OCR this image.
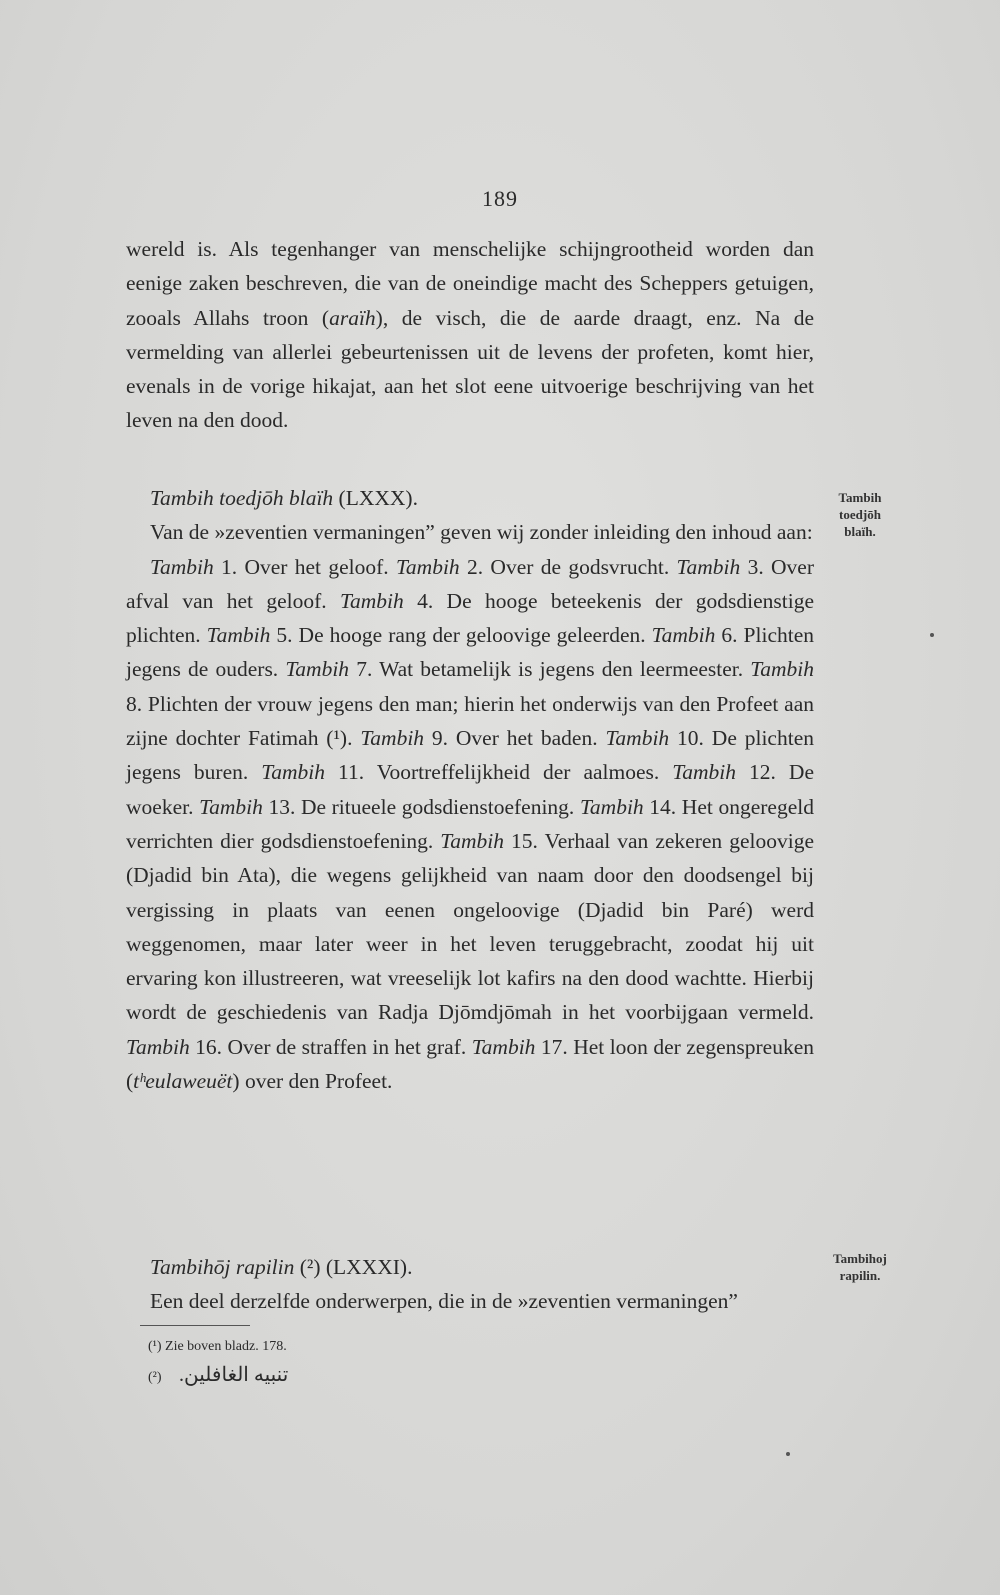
189

wereld is. Als tegenhanger van menschelijke schijngrootheid worden dan eenige zaken beschreven, die van de oneindige macht des Scheppers getuigen, zooals Allahs troon (araïh), de visch, die de aarde draagt, enz. Na de vermelding van allerlei gebeurtenissen uit de levens der profeten, komt hier, evenals in de vorige hikajat, aan het slot eene uitvoerige beschrijving van het leven na den dood.

Tambih toedjōh blaïh (LXXX).

Van de »zeventien vermaningen” geven wij zonder inleiding den inhoud aan:

Tambih 1. Over het geloof. Tambih 2. Over de godsvrucht. Tambih 3. Over afval van het geloof. Tambih 4. De hooge beteekenis der godsdienstige plichten. Tambih 5. De hooge rang der geloovige geleerden. Tambih 6. Plichten jegens de ouders. Tambih 7. Wat betamelijk is jegens den leermeester. Tambih 8. Plichten der vrouw jegens den man; hierin het onderwijs van den Profeet aan zijne dochter Fatimah (¹). Tambih 9. Over het baden. Tambih 10. De plichten jegens buren. Tambih 11. Voortreffelijkheid der aalmoes. Tambih 12. De woeker. Tambih 13. De ritueele godsdienstoefening. Tambih 14. Het ongeregeld verrichten dier godsdienstoefening. Tambih 15. Verhaal van zekeren geloovige (Djadid bin Ata), die wegens gelijkheid van naam door den doodsengel bij vergissing in plaats van eenen ongeloovige (Djadid bin Paré) werd weggenomen, maar later weer in het leven teruggebracht, zoodat hij uit ervaring kon illustreeren, wat vreeselijk lot kafirs na den dood wachtte. Hierbij wordt de geschiedenis van Radja Djōmdjōmah in het voorbijgaan vermeld. Tambih 16. Over de straffen in het graf. Tambih 17. Het loon der zegenspreuken (tʰeulaweuët) over den Profeet.

Tambih
toedjōh
blaïh.

Tambihōj rapilin (²) (LXXXI).

Een deel derzelfde onderwerpen, die in de »zeventien vermaningen”

Tambihoj
rapilin.
(¹) Zie boven bladz. 178.
(²) تنبيه الغافلين.
